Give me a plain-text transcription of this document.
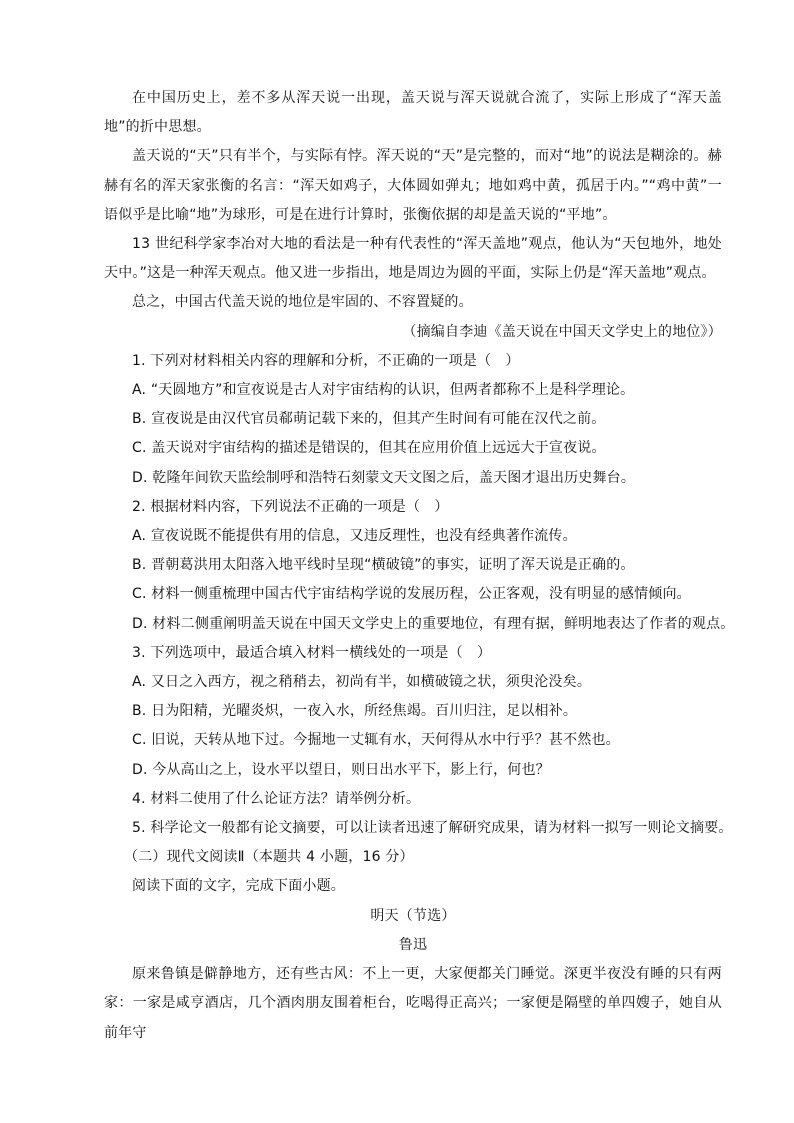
在中国历史上，差不多从浑天说一出现，盖天说与浑天说就合流了，实际上形成了“浑天盖地”的折中思想。

盖天说的“天”只有半个，与实际有悖。浑天说的“天”是完整的，而对“地”的说法是糊涂的。赫赫有名的浑天家张衡的名言：“浑天如鸡子，大体圆如弹丸；地如鸡中黄，孤居于内。”“鸡中黄”一语似乎是比喻“地”为球形，可是在进行计算时，张衡依据的却是盖天说的“平地”。

13 世纪科学家李冶对大地的看法是一种有代表性的“浑天盖地”观点，他认为“天包地外，地处天中。”这是一种浑天观点。他又进一步指出，地是周边为圆的平面，实际上仍是“浑天盖地”观点。

总之，中国古代盖天说的地位是牢固的、不容置疑的。

（摘编自李迪《盖天说在中国天文学史上的地位》）

1. 下列对材料相关内容的理解和分析，不正确的一项是（　）

A. “天圆地方”和宣夜说是古人对宇宙结构的认识，但两者都称不上是科学理论。

B. 宣夜说是由汉代官员郗萌记载下来的，但其产生时间有可能在汉代之前。

C. 盖天说对宇宙结构的描述是错误的，但其在应用价值上远远大于宣夜说。

D. 乾隆年间钦天监绘制呼和浩特石刻蒙文天文图之后，盖天图才退出历史舞台。

2. 根据材料内容，下列说法不正确的一项是（　）

A. 宣夜说既不能提供有用的信息，又违反理性，也没有经典著作流传。

B. 晋朝葛洪用太阳落入地平线时呈现“横破镜”的事实，证明了浑天说是正确的。

C. 材料一侧重梳理中国古代宇宙结构学说的发展历程，公正客观，没有明显的感情倾向。

D. 材料二侧重阐明盖天说在中国天文学史上的重要地位，有理有据，鲜明地表达了作者的观点。

3. 下列选项中，最适合填入材料一横线处的一项是（　）

A. 又日之入西方，视之稍稍去，初尚有半，如横破镜之状，须臾沦没矣。

B. 日为阳精，光曜炎炽，一夜入水，所经焦竭。百川归注，足以相补。

C. 旧说，天转从地下过。今掘地一丈辄有水，天何得从水中行乎？甚不然也。

D. 今从高山之上，设水平以望日，则日出水平下，影上行，何也？

4. 材料二使用了什么论证方法？请举例分析。

5. 科学论文一般都有论文摘要，可以让读者迅速了解研究成果，请为材料一拟写一则论文摘要。

（二）现代文阅读Ⅱ（本题共 4 小题，16 分）

阅读下面的文字，完成下面小题。

明天（节选）

鲁迅

原来鲁镇是僻静地方，还有些古风：不上一更，大家便都关门睡觉。深更半夜没有睡的只有两家：一家是咸亨酒店，几个酒肉朋友围着柜台，吃喝得正高兴；一家便是隔壁的单四嫂子，她自从前年守
